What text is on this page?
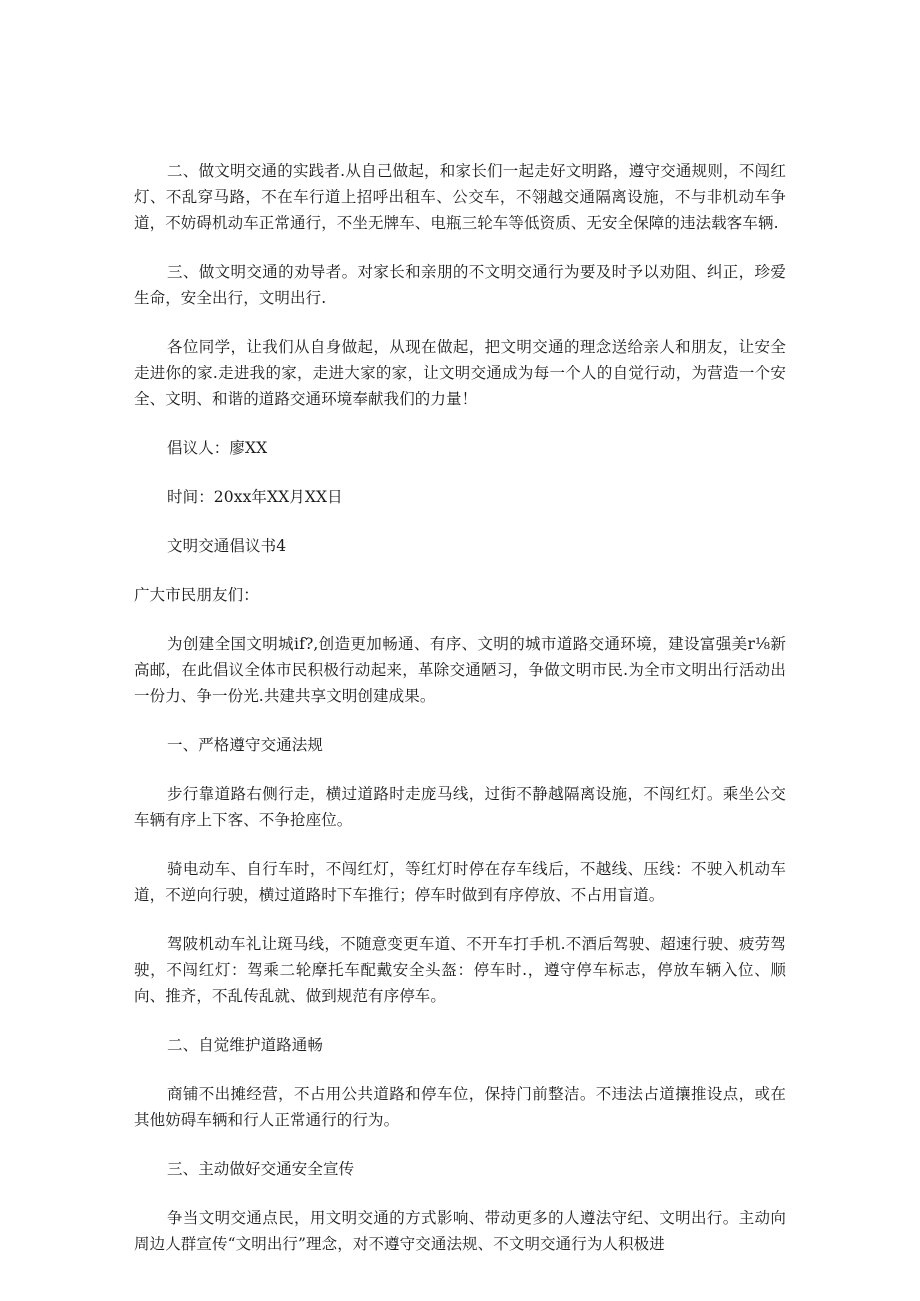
二、做文明交通的实践者.从自己做起，和家长们一起走好文明路，遵守交通规则，不闯红灯、不乱穿马路，不在车行道上招呼出租车、公交车，不翎越交通隔离设施，不与非机动车争道，不妨碍机动车正常通行，不坐无牌车、电瓶三轮车等低资质、无安全保障的违法载客车辆.

三、做文明交通的劝导者。对家长和亲朋的不文明交通行为要及时予以劝阻、纠正，珍爱生命，安全出行，文明出行.

各位同学，让我们从自身做起，从现在做起，把文明交通的理念送给亲人和朋友，让安全走进你的家.走进我的家，走进大家的家，让文明交通成为每一个人的自觉行动，为营造一个安全、文明、和谐的道路交通环境奉献我们的力量！

倡议人：廖XX

时间：20xx年XX月XX日

文明交通倡议书4

广大市民朋友们：

为创建全国文明城if?,创造更加畅通、有序、文明的城市道路交通环境，建设富强美r⅛新高邮，在此倡议全体市民积极行动起来，革除交通陋习，争做文明市民.为全市文明出行活动出一份力、争一份光.共建共享文明创建成果。

一、严格遵守交通法规

步行靠道路右侧行走，横过道路时走庞马线，过街不静越隔离设施，不闯红灯。乘坐公交车辆有序上下客、不争抢座位。

骑电动车、自行车时，不闯红灯，等红灯时停在存车线后，不越线、压线：不驶入机动车道，不逆向行驶，横过道路时下车推行；停车时做到有序停放、不占用盲道。

驾陂机动车礼让斑马线，不随意变更车道、不开车打手机.不酒后驾驶、超速行驶、疲劳驾驶，不闯红灯：驾乘二轮摩托车配戴安全头盔：停车时.，遵守停车标志，停放车辆入位、顺向、推齐，不乱传乱就、做到规范有序停车。

二、自觉维护道路通畅

商铺不出摊经营，不占用公共道路和停车位，保持门前整洁。不违法占道攘推设点，或在其他妨碍车辆和行人正常通行的行为。

三、主动做好交通安全宣传

争当文明交通点民，用文明交通的方式影响、带动更多的人遵法守纪、文明出行。主动向周边人群宣传“文明出行”理念，对不遵守交通法规、不文明交通行为人积极进
